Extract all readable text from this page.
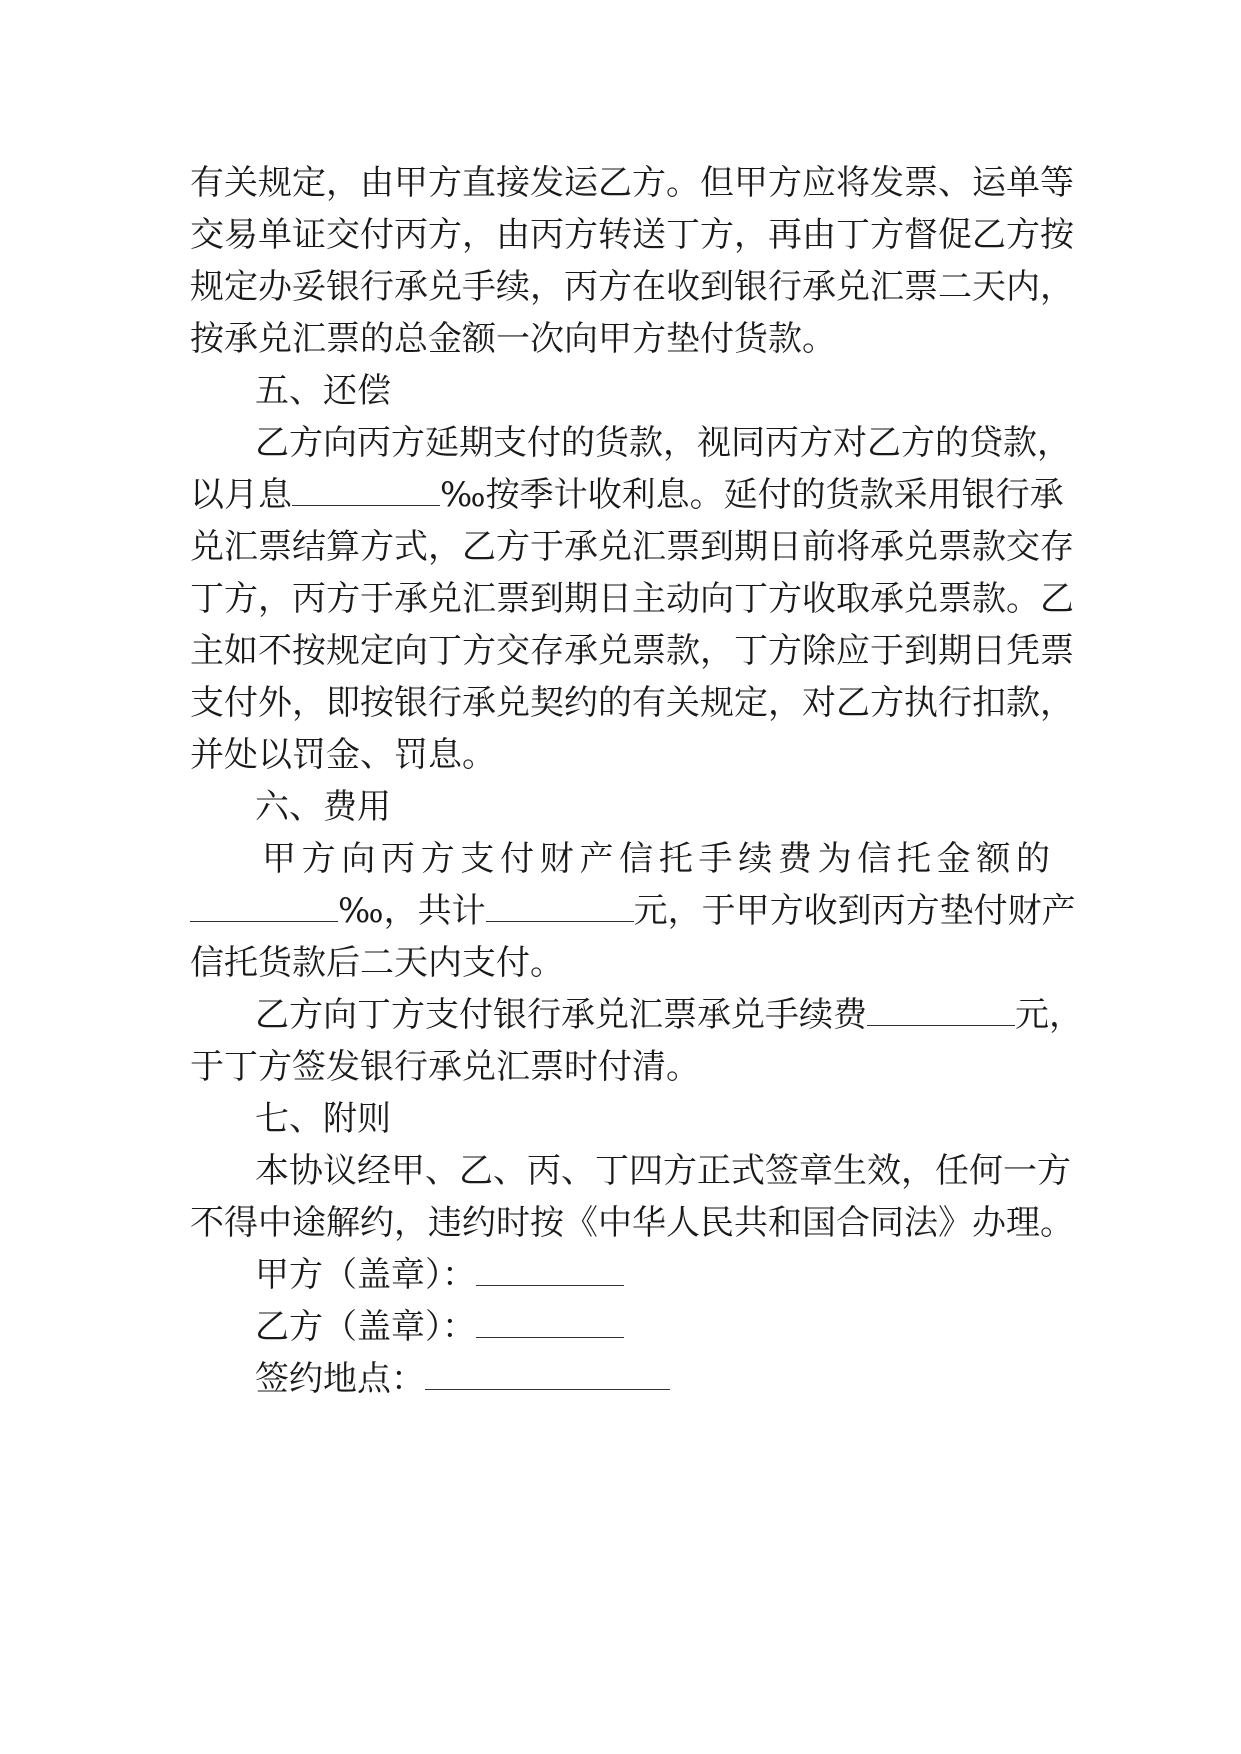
有关规定，由甲方直接发运乙方。但甲方应将发票、运单等
交易单证交付丙方，由丙方转送丁方，再由丁方督促乙方按
规定办妥银行承兑手续，丙方在收到银行承兑汇票二天内，
按承兑汇票的总金额一次向甲方垫付货款。
五、还偿
乙方向丙方延期支付的货款，视同丙方对乙方的贷款，
以月息	‰按季计收利息。延付的货款采用银行承
兑汇票结算方式，乙方于承兑汇票到期日前将承兑票款交存
丁方，丙方于承兑汇票到期日主动向丁方收取承兑票款。乙
主如不按规定向丁方交存承兑票款，丁方除应于到期日凭票
支付外，即按银行承兑契约的有关规定，对乙方执行扣款，
并处以罚金、罚息。
六、费用
甲方向丙方支付财产信托手续费为信托金额的
‰，共计	元，于甲方收到丙方垫付财产
信托货款后二天内支付。
乙方向丁方支付银行承兑汇票承兑手续费	元，
于丁方签发银行承兑汇票时付清。
七、附则
本协议经甲、乙、丙、丁四方正式签章生效，任何一方
不得中途解约，违约时按《中华人民共和国合同法》办理。
甲方（盖章）：
乙方（盖章）：
签约地点：
